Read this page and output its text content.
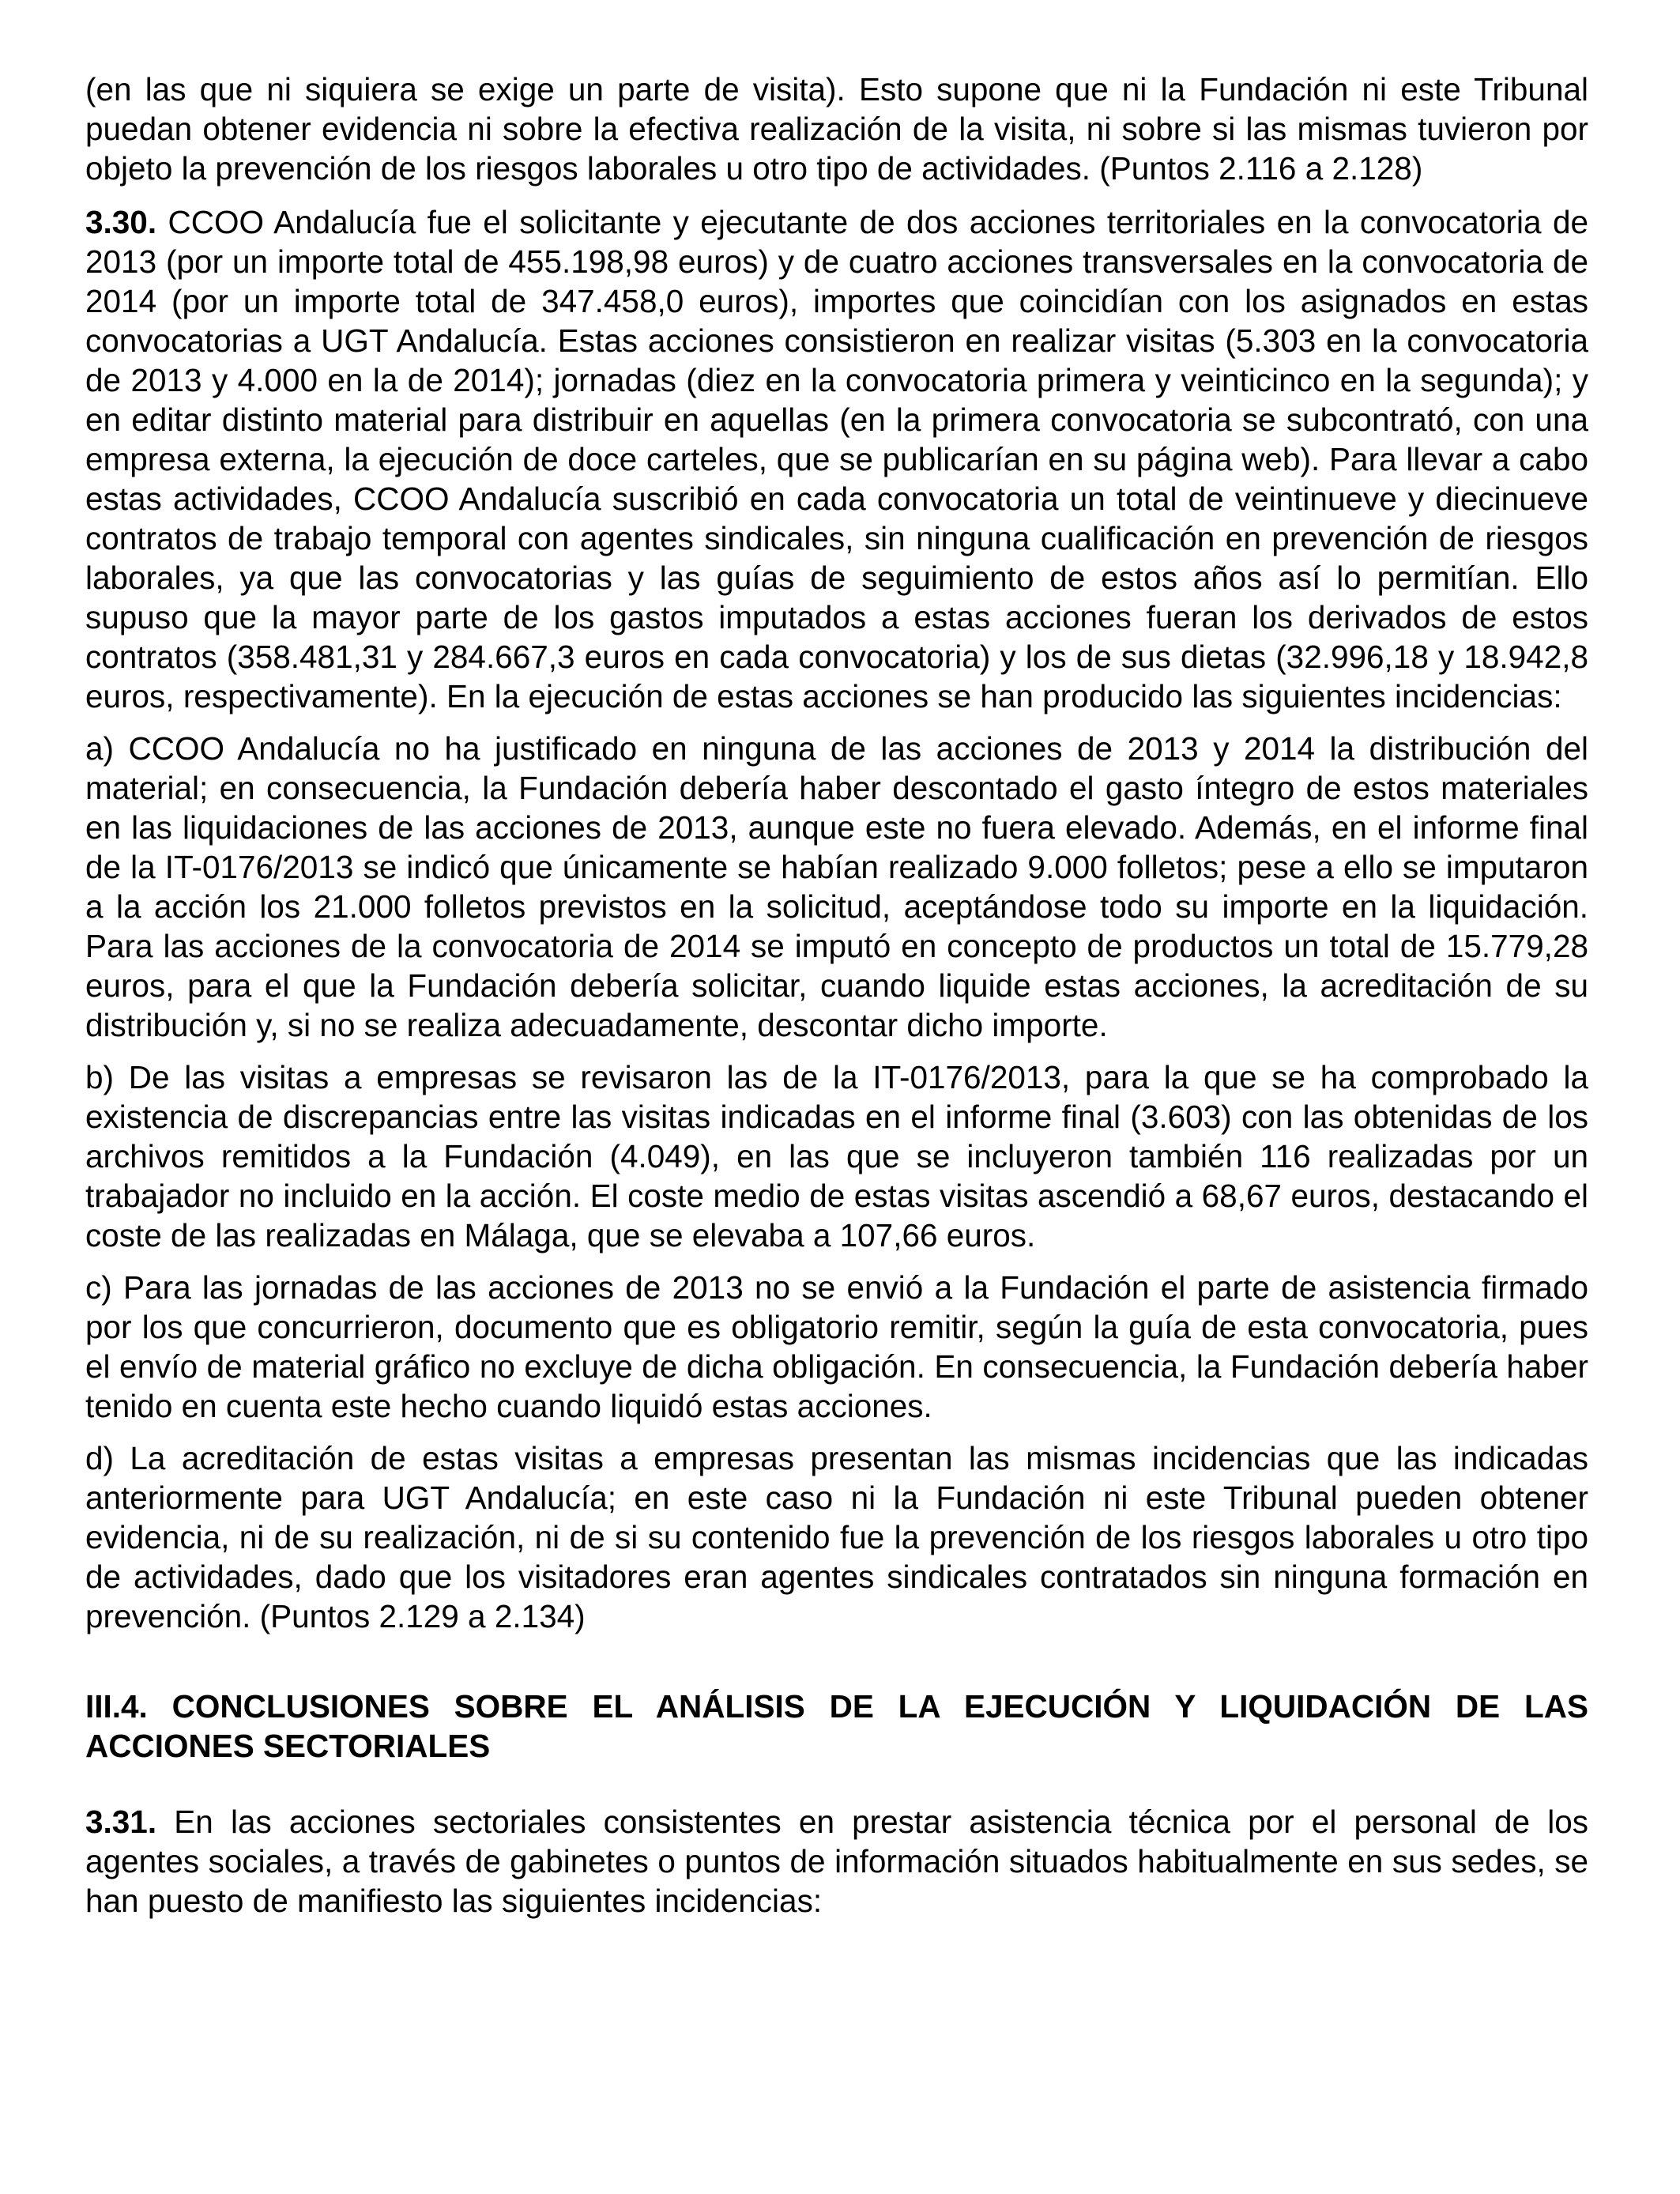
(en las que ni siquiera se exige un parte de visita). Esto supone que ni la Fundación ni este Tribunal puedan obtener evidencia ni sobre la efectiva realización de la visita, ni sobre si las mismas tuvieron por objeto la prevención de los riesgos laborales u otro tipo de actividades. (Puntos 2.116 a 2.128)

3.30. CCOO Andalucía fue el solicitante y ejecutante de dos acciones territoriales en la convocatoria de 2013 (por un importe total de 455.198,98 euros) y de cuatro acciones transversales en la convocatoria de 2014 (por un importe total de 347.458,0 euros), importes que coincidían con los asignados en estas convocatorias a UGT Andalucía. Estas acciones consistieron en realizar visitas (5.303 en la convocatoria de 2013 y 4.000 en la de 2014); jornadas (diez en la convocatoria primera y veinticinco en la segunda); y en editar distinto material para distribuir en aquellas (en la primera convocatoria se subcontrató, con una empresa externa, la ejecución de doce carteles, que se publicarían en su página web). Para llevar a cabo estas actividades, CCOO Andalucía suscribió en cada convocatoria un total de veintinueve y diecinueve contratos de trabajo temporal con agentes sindicales, sin ninguna cualificación en prevención de riesgos laborales, ya que las convocatorias y las guías de seguimiento de estos años así lo permitían. Ello supuso que la mayor parte de los gastos imputados a estas acciones fueran los derivados de estos contratos (358.481,31 y 284.667,3 euros en cada convocatoria) y los de sus dietas (32.996,18 y 18.942,8 euros, respectivamente). En la ejecución de estas acciones se han producido las siguientes incidencias:

a) CCOO Andalucía no ha justificado en ninguna de las acciones de 2013 y 2014 la distribución del material; en consecuencia, la Fundación debería haber descontado el gasto íntegro de estos materiales en las liquidaciones de las acciones de 2013, aunque este no fuera elevado. Además, en el informe final de la IT-0176/2013 se indicó que únicamente se habían realizado 9.000 folletos; pese a ello se imputaron a la acción los 21.000 folletos previstos en la solicitud, aceptándose todo su importe en la liquidación. Para las acciones de la convocatoria de 2014 se imputó en concepto de productos un total de 15.779,28 euros, para el que la Fundación debería solicitar, cuando liquide estas acciones, la acreditación de su distribución y, si no se realiza adecuadamente, descontar dicho importe.

b) De las visitas a empresas se revisaron las de la IT-0176/2013, para la que se ha comprobado la existencia de discrepancias entre las visitas indicadas en el informe final (3.603) con las obtenidas de los archivos remitidos a la Fundación (4.049), en las que se incluyeron también 116 realizadas por un trabajador no incluido en la acción. El coste medio de estas visitas ascendió a 68,67 euros, destacando el coste de las realizadas en Málaga, que se elevaba a 107,66 euros.

c) Para las jornadas de las acciones de 2013 no se envió a la Fundación el parte de asistencia firmado por los que concurrieron, documento que es obligatorio remitir, según la guía de esta convocatoria, pues el envío de material gráfico no excluye de dicha obligación. En consecuencia, la Fundación debería haber tenido en cuenta este hecho cuando liquidó estas acciones.

d) La acreditación de estas visitas a empresas presentan las mismas incidencias que las indicadas anteriormente para UGT Andalucía; en este caso ni la Fundación ni este Tribunal pueden obtener evidencia, ni de su realización, ni de si su contenido fue la prevención de los riesgos laborales u otro tipo de actividades, dado que los visitadores eran agentes sindicales contratados sin ninguna formación en prevención. (Puntos 2.129 a 2.134)

III.4. CONCLUSIONES SOBRE EL ANÁLISIS DE LA EJECUCIÓN Y LIQUIDACIÓN DE LAS ACCIONES SECTORIALES

3.31. En las acciones sectoriales consistentes en prestar asistencia técnica por el personal de los agentes sociales, a través de gabinetes o puntos de información situados habitualmente en sus sedes, se han puesto de manifiesto las siguientes incidencias:
